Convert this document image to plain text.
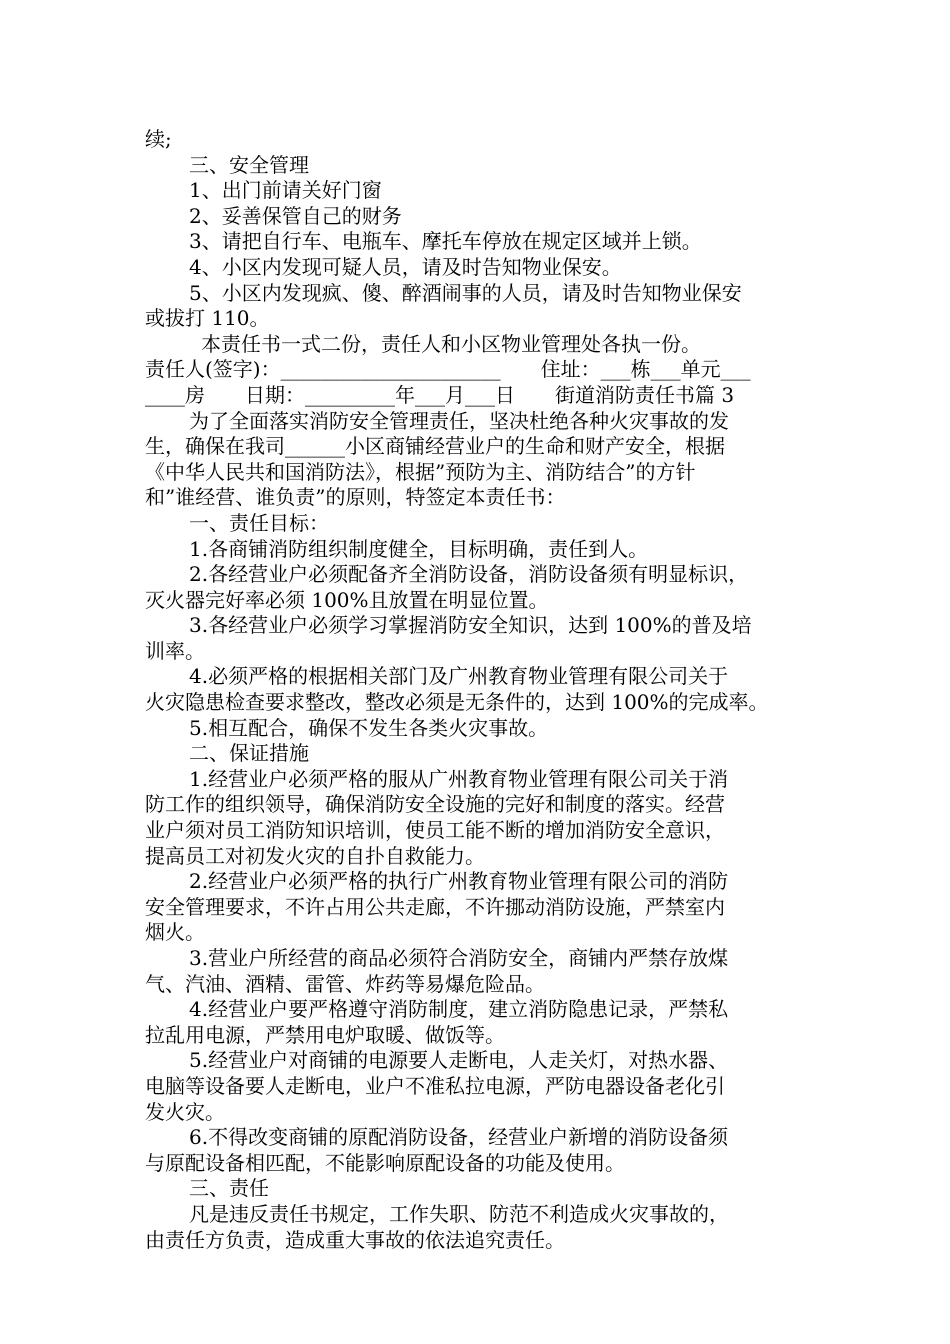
续;
三、安全管理
1、出门前请关好门窗
2、妥善保管自己的财务
3、请把自行车、电瓶车、摩托车停放在规定区域并上锁。
4、小区内发现可疑人员，请及时告知物业保安。
5、小区内发现疯、傻、醉酒闹事的人员，请及时告知物业保安
或拔打 110。
本责任书一式二份，责任人和小区物业管理处各执一份。
责任人(签字)：______________________　　住址：___栋___单元___
____房　　日期：_________年___月___日　　街道消防责任书篇 3
为了全面落实消防安全管理责任，坚决杜绝各种火灾事故的发
生，确保在我司______小区商铺经营业户的生命和财产安全，根据
《中华人民共和国消防法》，根据”预防为主、消防结合”的方针
和”谁经营、谁负责”的原则，特签定本责任书：
一、责任目标：
1.各商铺消防组织制度健全，目标明确，责任到人。
2.各经营业户必须配备齐全消防设备，消防设备须有明显标识，
灭火器完好率必须 100%且放置在明显位置。
3.各经营业户必须学习掌握消防安全知识，达到 100%的普及培
训率。
4.必须严格的根据相关部门及广州教育物业管理有限公司关于
火灾隐患检查要求整改，整改必须是无条件的，达到 100%的完成率。
5.相互配合，确保不发生各类火灾事故。
二、保证措施
1.经营业户必须严格的服从广州教育物业管理有限公司关于消
防工作的组织领导，确保消防安全设施的完好和制度的落实。经营
业户须对员工消防知识培训，使员工能不断的增加消防安全意识，
提高员工对初发火灾的自扑自救能力。
2.经营业户必须严格的执行广州教育物业管理有限公司的消防
安全管理要求，不许占用公共走廊，不许挪动消防设施，严禁室内
烟火。
3.营业户所经营的商品必须符合消防安全，商铺内严禁存放煤
气、汽油、酒精、雷管、炸药等易爆危险品。
4.经营业户要严格遵守消防制度，建立消防隐患记录，严禁私
拉乱用电源，严禁用电炉取暖、做饭等。
5.经营业户对商铺的电源要人走断电，人走关灯，对热水器、
电脑等设备要人走断电，业户不准私拉电源，严防电器设备老化引
发火灾。
6.不得改变商铺的原配消防设备，经营业户新增的消防设备须
与原配设备相匹配，不能影响原配设备的功能及使用。
三、责任
凡是违反责任书规定，工作失职、防范不利造成火灾事故的，
由责任方负责，造成重大事故的依法追究责任。
